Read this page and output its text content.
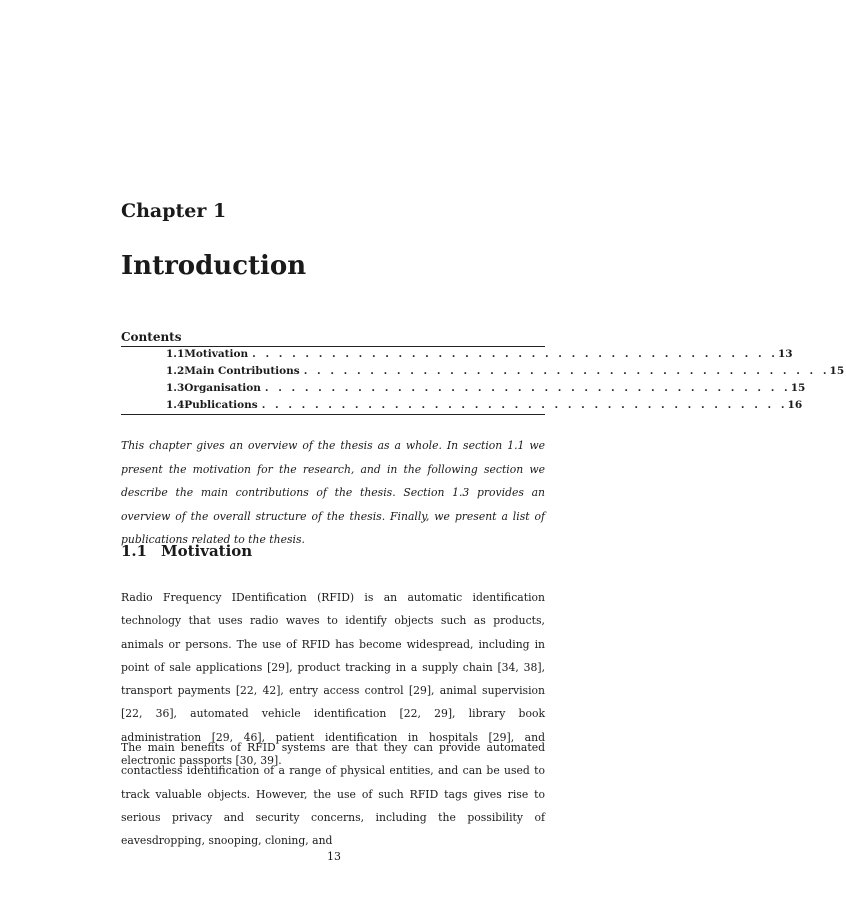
Chapter 1
Introduction
Contents
1.1 Motivation . . . . . . . . . . . . . . . . . . . . . . . . . . . . . . . . . . . . . . . . 13
1.2 Main Contributions . . . . . . . . . . . . . . . . . . . . . . . . . . . . . . . . . . . . . . . . 15
1.3 Organisation . . . . . . . . . . . . . . . . . . . . . . . . . . . . . . . . . . . . . . . . 15
1.4 Publications . . . . . . . . . . . . . . . . . . . . . . . . . . . . . . . . . . . . . . . . 16

This chapter gives an overview of the thesis as a whole. In section 1.1 we present the motivation for the research, and in the following section we describe the main contributions of the thesis. Section 1.3 provides an overview of the overall structure of the thesis. Finally, we present a list of publications related to the thesis.

1.1 Motivation

Radio Frequency IDentification (RFID) is an automatic identification technology that uses radio waves to identify objects such as products, animals or persons. The use of RFID has become widespread, including in point of sale applications [29], product tracking in a supply chain [34, 38], transport payments [22, 42], entry access control [29], animal supervision [22, 36], automated vehicle identification [22, 29], library book administration [29, 46], patient identification in hospitals [29], and electronic passports [30, 39].

The main benefits of RFID systems are that they can provide automated contactless identification of a range of physical entities, and can be used to track valuable objects. However, the use of such RFID tags gives rise to serious privacy and security concerns, including the possibility of eavesdropping, snooping, cloning, and

13
